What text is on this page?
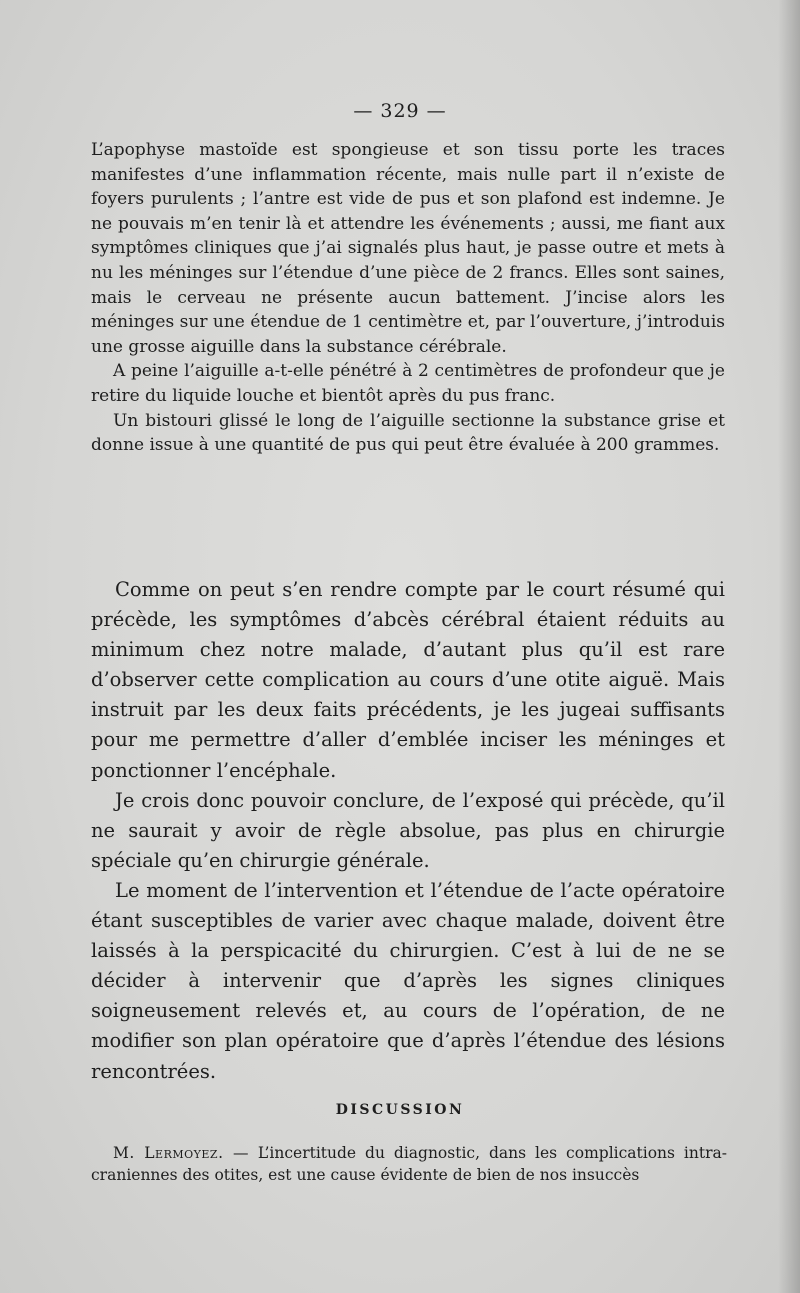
— 329 —

L’apophyse mastoïde est spongieuse et son tissu porte les traces manifestes d’une inflammation récente, mais nulle part il n’existe de foyers purulents ; l’antre est vide de pus et son plafond est indemne. Je ne pouvais m’en tenir là et attendre les événements ; aussi, me fiant aux symptômes cliniques que j’ai signalés plus haut, je passe outre et mets à nu les méninges sur l’étendue d’une pièce de 2 francs. Elles sont saines, mais le cerveau ne présente aucun battement. J’incise alors les méninges sur une étendue de 1 centimètre et, par l’ouverture, j’introduis une grosse aiguille dans la substance cérébrale.

A peine l’aiguille a-t-elle pénétré à 2 centimètres de profondeur que je retire du liquide louche et bientôt après du pus franc.

Un bistouri glissé le long de l’aiguille sectionne la substance grise et donne issue à une quantité de pus qui peut être évaluée à 200 grammes.

Comme on peut s’en rendre compte par le court résumé qui précède, les symptômes d’abcès cérébral étaient réduits au minimum chez notre malade, d’autant plus qu’il est rare d’observer cette complication au cours d’une otite aiguë. Mais instruit par les deux faits précédents, je les jugeai suffisants pour me permettre d’aller d’emblée inciser les méninges et ponctionner l’encéphale.

Je crois donc pouvoir conclure, de l’exposé qui précède, qu’il ne saurait y avoir de règle absolue, pas plus en chirurgie spéciale qu’en chirurgie générale.

Le moment de l’intervention et l’étendue de l’acte opératoire étant susceptibles de varier avec chaque malade, doivent être laissés à la perspicacité du chirurgien. C’est à lui de ne se décider à intervenir que d’après les signes cliniques soigneusement relevés et, au cours de l’opération, de ne modifier son plan opératoire que d’après l’étendue des lésions rencontrées.

DISCUSSION

M. Lermoyez. — L’incertitude du diagnostic, dans les complications intra-craniennes des otites, est une cause évidente de bien de nos insuccès
